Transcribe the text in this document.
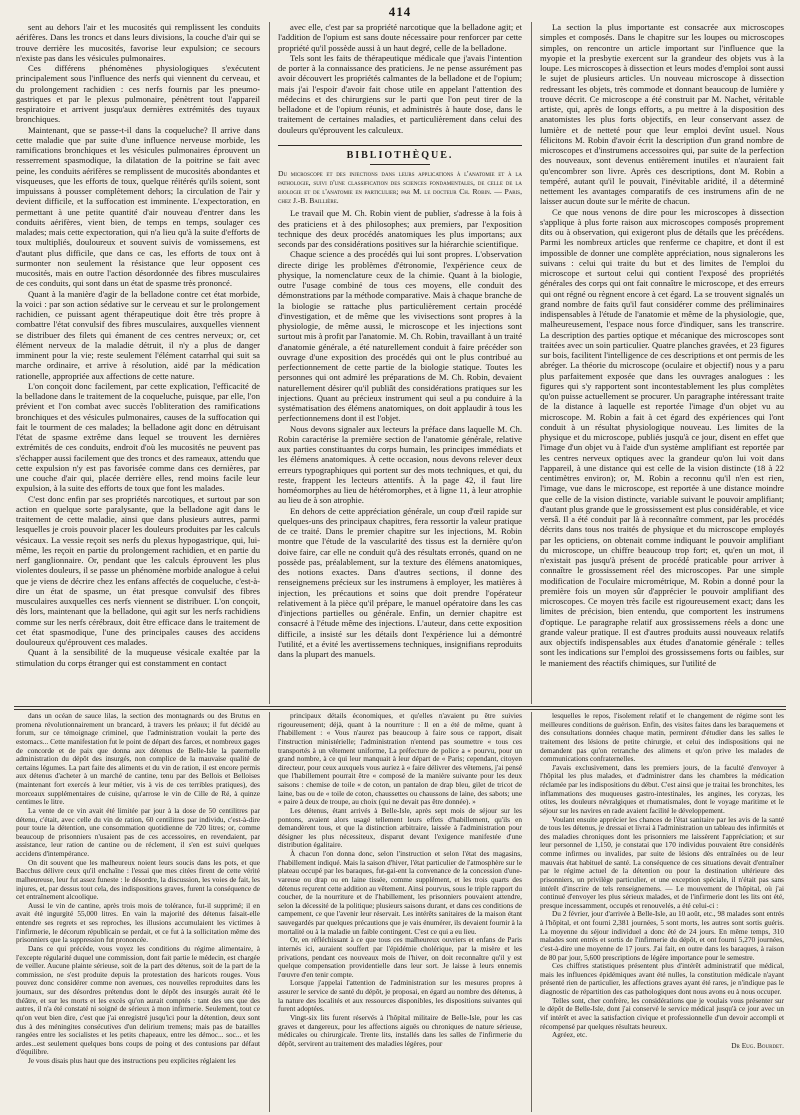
414

sent au dehors l'air et les mucosités qui remplissent les conduits aérifères. Dans les troncs et dans leurs divisions, la couche d'air qui se trouve derrière les mucosités, favorise leur expulsion; ce secours n'existe pas dans les vésicules pulmonaires.

Ces différens phénomènes physiologiques s'exécutent principalement sous l'influence des nerfs qui viennent du cerveau, et du prolongement rachidien : ces nerfs fournis par les pneumo-gastriques et par le plexus pulmonaire, pénètrent tout l'appareil respiratoire et arrivent jusqu'aux dernières extrémités des tuyaux bronchiques.

Maintenant, que se passe-t-il dans la coqueluche? Il arrive dans cette maladie que par suite d'une influence nerveuse morbide, les ramifications bronchiques et les vésicules pulmonaires éprouvent un resserrement spasmodique, la dilatation de la poitrine se fait avec peine, les conduits aérifères se remplissent de mucosités abondantes et visqueuses, que les efforts de toux, quelque réitérés qu'ils soient, sont impuissans à pousser complètement dehors; la circulation de l'air y devient difficile, et la suffocation est imminente. L'expectoration, en permettant à une petite quantité d'air nouveau d'entrer dans les conduits aérifères, vient bien, de temps en temps, soulager ces malades; mais cette expectoration, qui n'a lieu qu'à la suite d'efforts de toux multipliés, douloureux et souvent suivis de vomissemens, est d'autant plus difficile, que dans ce cas, les efforts de toux ont à surmonter non seulement la résistance que leur opposent ces mucosités, mais en outre l'action désordonnée des fibres musculaires de ces conduits, qui sont dans un état de spasme très prononcé.

Quant à la manière d'agir de la belladone contre cet état morbide, la voici : par son action sédative sur le cerveau et sur le prolongement rachidien, ce puissant agent thérapeutique doit être très propre à combattre l'état convulsif des fibres musculaires, auxquelles viennent se distribuer des filets qui émanent de ces centres nerveux; or, cet élément nerveux de la maladie détruit, il n'y a plus de danger imminent pour la vie; reste seulement l'élément catarrhal qui suit sa marche ordinaire, et arrive à résolution, aidé par la médication rationelle, appropriée aux affections de cette nature.

L'on conçoit donc facilement, par cette explication, l'efficacité de la belladone dans le traitement de la coqueluche, puisque, par elle, l'on prévient et l'on combat avec succès l'obliteration des ramifications bronchiques et des vésicules pulmonaires, causes de la suffocation qui fait le tourment de ces malades; la belladone agit donc en détruisant l'état de spasme extrême dans lequel se trouvent les dernières extrémités de ces conduits, endroit d'où les mucosités ne peuvent pas s'échapper aussi facilement que des troncs et des rameaux, attendu que cette expulsion n'y est pas favorisée comme dans ces dernières, par une couche d'air qui, placée derrière elles, rend moins facile leur expulsion, à la suite des efforts de toux que font les malades.

C'est donc enfin par ses propriétés narcotiques, et surtout par son action en quelque sorte paralysante, que la belladone agit dans le traitement de cette maladie, ainsi que dans plusieurs autres, parmi lesquelles je crois pouvoir placer les douleurs produites par les calculs vésicaux. La vessie reçoit ses nerfs du plexus hypogastrique, qui, lui-même, les reçoit en partie du prolongement rachidien, et en partie du nerf ganglionnaire. Or, pendant que les calculs éprouvent les plus violentes douleurs, il se passe un phénomène morbide analogue à celui que je viens de décrire chez les enfans affectés de coqueluche, c'est-à-dire un état de spasme, un état presque convulsif des fibres musculaires auxquelles ces nerfs viennent se distribuer. L'on conçoit, dès lors, maintenant que la belladone, qui agit sur les nerfs rachidiens comme sur les nerfs cérébraux, doit être efficace dans le traitement de cet état spasmodique, l'une des principales causes des accidens douloureux qu'éprouvent ces malades.

Quant à la sensibilité de la muqueuse vésicale exaltée par la stimulation du corps étranger qui est constamment en contact

avec elle, c'est par sa propriété narcotique que la belladone agit; et l'addition de l'opium est sans doute nécessaire pour renforcer par cette propriété qu'il possède aussi à un haut degré, celle de la belladone.

Tels sont les faits de thérapeutique médicale que j'avais l'intention de porter à la connaissance des praticiens. Je ne pense assurément pas avoir découvert les propriétés calmantes de la belladone et de l'opium; mais j'ai l'espoir d'avoir fait chose utile en appelant l'attention des médecins et des chirurgiens sur le parti que l'on peut tirer de la belladone et de l'opium réunis, et administrés à haute dose, dans le traitement de certaines maladies, et particulièrement dans celui des douleurs qu'éprouvent les calculeux.

BIBLIOTHÈQUE.

Du microscope et des injections dans leurs applications à l'anatomie et à la pathologie, suivi d'une classification des sciences fondamentales, de celle de la biologie et de l'anatomie en particulier; par M. le docteur Ch. Robin. — Paris, chez J.-B. Baillière.

Le travail que M. Ch. Robin vient de publier, s'adresse à la fois à des praticiens et à des philosophes; aux premiers, par l'exposition technique des deux procédés anatomiques les plus importans; aux seconds par des considérations positives sur la hiérarchie scientifique.

Chaque science a des procédés qui lui sont propres. L'observation directe dirige les problèmes d'étronomie, l'expérience ceux de physique, la nomenclature ceux de la chimie. Quant à la biologie, outre l'usage combiné de tous ces moyens, elle conduit des démonstrations par la méthode comparative. Mais à chaque branche de la biologie se rattache plus particulièrement certain procédé d'investigation, et de même que les vivisections sont propres à la physiologie, de même aussi, le microscope et les injections sont surtout mis à profit par l'anatomie. M. Ch. Robin, travaillant à un traité d'anatomie générale, a été naturellement conduit à faire précéder son ouvrage d'une exposition des procédés qui ont le plus contribué au perfectionnement de cette partie de la biologie statique. Toutes les personnes qui ont admiré les préparations de M. Ch. Robin, devaient naturellement désirer qu'il publiât des considérations pratiques sur les injections. Quant au précieux instrument qui seul a pu conduire à la systématisation des élémens anatomiques, on doit applaudir à tous les perfectionnemens dont il est l'objet.

Nous devons signaler aux lecteurs la préface dans laquelle M. Ch. Robin caractérise la première section de l'anatomie générale, relative aux parties constituantes du corps humain, les principes immédiats et les élémens anatomiques. À cette occasion, nous devons relever deux erreurs typographiques qui portent sur des mots techniques, et qui, du reste, frappent les lecteurs attentifs. À la page 42, il faut lire homéomorphes au lieu de hétéromorphes, et à ligne 11, à leur atrophie au lieu de à son atrophie.

En dehors de cette appréciation générale, un coup d'œil rapide sur quelques-uns des principaux chapitres, fera ressortir la valeur pratique de ce traité. Dans le premier chapitre sur les injections, M. Robin montre que l'étude de la vascularité des tissus est la dernière qu'on doive faire, car elle ne conduit qu'à des résultats erronés, quand on ne possède pas, préalablement, sur la texture des élémens anatomiques, des notions exactes. Dans d'autres sections, il donne des renseignemens précieux sur les instrumens à employer, les matières à injection, les précautions et soins que doit prendre l'opérateur relativement à la pièce qu'il prépare, le manuel opératoire dans les cas d'injections partielles ou générale. Enfin, un dernier chapitre est consacré à l'étude même des injections. L'auteur, dans cette exposition difficile, a insisté sur les détails dont l'expérience lui a démontré l'utilité, et a évité les avertissemens techniques, insignifians reproduits dans la plupart des manuels.

La section la plus importante est consacrée aux microscopes simples et composés. Dans le chapitre sur les loupes ou microscopes simples, on rencontre un article important sur l'influence que la myopie et la presbytie exercent sur la grandeur des objets vus à la loupe. Les microscopes à dissection et leurs modes d'emploi sont aussi le sujet de plusieurs articles. Un nouveau microscope à dissection redressant les objets, très commode et donnant beaucoup de lumière y trouve décrit. Ce microscope a été construit par M. Nachet, véritable artiste, qui, après de longs efforts, a pu mettre à la disposition des anatomistes les plus forts objectifs, en leur conservant assez de lumière et de netteté pour que leur emploi devînt usuel. Nous félicitons M. Robin d'avoir écrit la description d'un grand nombre de microscopes et d'instrumens accessoires qui, par suite de la perfection des nouveaux, sont devenus entièrement inutiles et n'auraient fait qu'encombrer son livre. Après ces descriptions, dont M. Robin a tempéré, autant qu'il le pouvait, l'inévitable aridité, il a déterminé nettement les avantages comparatifs de ces instrumens afin de ne laisser aucun doute sur le mérite de chacun.

Ce que nous venons de dire pour les microscopes à dissection s'applique à plus forte raison aux microscopes composés proprement dits ou à observation, qui exigeront plus de détails que les précédens. Parmi les nombreux articles que renferme ce chapitre, et dont il est impossible de donner une complète appréciation, nous signalerons les suivans : celui qui traite du but et des limites de l'emploi du microscope et surtout celui qui contient l'exposé des propriétés générales des corps qui ont fait connaître le microscope, et des erreurs qui ont régné ou règnent encore à cet égard. La se trouvent signalés un grand nombre de faits qu'il faut considérer comme des préliminaires indispensables à l'étude de l'anatomie et même de la physiologie, que, malheureusement, l'espace nous force d'indiquer, sans les transcrire. La description des parties optique et mécanique des microscopes sont traitées avec un soin particulier. Quatre planches gravées, et 23 figures sur bois, facilitent l'intelligence de ces descriptions et ont permis de les abréger. La théorie du microscope (oculaire et objectif) nous y a paru plus parfaitement exposée que dans les ouvrages analogues : les figures qui s'y rapportent sont incontestablement les plus complètes qu'on puisse actuellement se procurer. Un paragraphe intéressant traite de la distance à laquelle est reportée l'image d'un objet vu au microscope. M. Robin a fait à cet égard des expériences qui l'ont conduit à un résultat physiologique nouveau. Les limites de la physique et du microscope, publiés jusqu'à ce jour, disent en effet que l'image d'un objet vu à l'aide d'un système amplifiant est reportée par les centres nerveux optiques avec la grandeur qu'on lui voit dans l'appareil, à une distance qui est celle de la vision distincte (18 à 22 centimètres environ); or, M. Robin a reconnu qu'il n'en est rien, l'image, vue dans le microscope, est reportée à une distance moindre que celle de la vision distincte, variable suivant le pouvoir amplifiant; d'autant plus grande que le grossissement est plus considérable, et vice versâ. Il a été conduit par là à reconnaître comment, par les procédés décrits dans tous nos traités de physique et du microscope employés par les opticiens, on obtenait comme indiquant le pouvoir amplifiant du microscope, un chiffre beaucoup trop fort; et, qu'en un mot, il n'existait pas jusqu'à présent de procédé praticable pour arriver à connaître le grossissement réel des microscopes. Par une simple modification de l'oculaire micrométrique, M. Robin a donné pour la première fois un moyen sûr d'apprécier le pouvoir amplifiant des microscopes. Ce moyen très facile est rigoureusement exact; dans les limites de précision, bien entendu, que comportent les instrumens d'optique. Le paragraphe relatif aux grossissemens réels a donc une grande valeur pratique. Il est d'autres produits aussi nouveaux relatifs aux objectifs indispensables aux études d'anatomie générale : telles sont les indications sur l'emploi des grossissemens forts ou faibles, sur le maniement des réactifs chimiques, sur l'utilité de

dans un océan de sauce lilas, la section des montagnards ou des Brutus en promena révolutionnairement un brancard, à travers les préaux; il fut décidé au forum, sur ce témoignage criminel, que l'administration voulait la perte des estomacs... Cette manifestation fut le point de départ des farces, et nombreux gages de concorde et de paix que donna aux détenus de Belle-Isle la paternelle administration du dépôt des insurgés, non complice de la mauvaise qualité de certains légumes. La part faite des aliments et du vin de ration, il est encore permis aux détenus d'acheter à un marché de cantine, tenu par des Bellois et Belloises (maintenant fort exercés à leur métier, vis à vis de ces terribles pratiques), des morceaux supplémentaires de cuisine, qu'arrose le vin de Cille de Ré, à quinze centimes le litre.

La vente de ce vin avait été limitée par jour à la dose de 50 centilitres par détenu, c'était, avec celle du vin de ration, 60 centilitres par individu, c'est-à-dire pour toute la détention, une consommation quotidienne de 720 litres; or, comme beaucoup de prisonniers n'usaient pas de ces accessoires, en revendaient, par assistance, leur ration de cantine ou de réclement, il s'en est suivi quelques accidens d'intempérance.

On dit souvent que les malheureux noient leurs soucis dans les pots, et que Bacchus délivre ceux qu'il enchaîne : l'essai que mes citées firent de cette vérité malheureuse, leur fut assez funeste : le désordre, la discussion, les voies de fait, les injures, et, par dessus tout cela, des indispositions graves, furent la conséquence de cet entraînement alcoolique.

Aussi le vin de cantine, après trois mois de tolérance, fut-il supprimé; il en avait été ingurgité 55,000 litres. En vain la majorité des détenus faisait-elle entendre ses regrets et ses reproches, les illusions accumulaient les victimes à l'infirmerie, le décorum républicain se perdait, et ce fut à la sollicitation même des prisonniers que la suppression fut prononcée.

Dans ce qui précède, vous voyez les conditions du régime alimentaire, à l'excepte régularité duquel une commission, dont fait partie le médecin, est chargée de veiller. Aucune plainte sérieuse, soit de la part des détenus, soit de la part de la commission, ne s'est produite depuis la protestation des haricots rouges. Vous pouvez donc considérer comme non avenues, ces nouvelles reproduites dans les journaux, sur des désordres prétendus dont le dépôt des insurgés aurait été le théâtre, et sur les morts et les excès qu'on aurait comptés : tant des uns que des autres, il n'a été constaté ni soigné de sérieux à mon infirmerie. Seulement, tout ce qu'on veut bien dire, c'est que j'ai enregistré jusqu'ici pour la détention, deux sont dus à des méningites consécutives d'un delirium tremens; mais pas de batailles rangées entre les socialistes et les petits chapeaux, entre les démoc... soc... et les ardes...est seulement quelques bons coups de poing et des contusions par défaut d'équilibre.

Je vous disais plus haut que des instructions peu explicites réglaient les

principaux détails économiques, et qu'elles n'avaient pu être suivies rigoureusement; déjà, quant à la nourriture : Il en a été de même, quant à l'habillement : « Vous n'aurez pas beaucoup à faire sous ce rapport, disait l'instruction ministérielle; l'administration n'entend pas soumettre « tous ces transportés à un vêtement uniforme, La préfecture de police a « pourvu, pour un grand nombre, à ce qui leur manquait à leur départ de « Paris; cependant, citoyen directeur, pour ceux auxquels vous auriez à « faire délivrer des vêtemens, j'ai pensé que l'habillement pourrait être « composé de la manière suivante pour les deux saisons : chemise de toile « de coton, un pantalon de drap bleu, gilet de tricot de laine, bas ou de « toile de coton, chaussettes ou chaussons de laine, des sabots; une « paire à deux de troupe, au choix (qui ne devait pas être donnée). »

Les détenus, étant arrivés à Belle-Isle, après sept mois de séjour sur les pontons, avaient alors usagé tellement leurs effets d'habillement, qu'ils en demandèrent tous, et que la distinction arbitraire, laissée à l'administration pour désigner les plus nécessiteux, disparut devant l'exigence manifestée d'une distribution égalitaire.

À chacun l'on donna donc, selon l'instruction et selon l'état des magasins, l'habillement indiqué. Mais la saison d'hiver, l'état particulier de l'atmosphère sur le plateau occupé par les baraques, fut-gai-ent la convenance de la concession d'une-vareuse ou drap ou en laine tissée, comme supplément, et les trois quarts des détenus reçurent cette addition au vêtement. Ainsi pourvus, sous le triple rapport du coucher, de la nourriture et de l'habillement, les prisonniers pouvaient attendre, selon la décessité de la politique; plusieurs saisons durant, et dans ces conditions de campement, ce que l'avenir leur réservait. Les intérêts sanitaires de la maison étant sauvegardés par quelques précautions que je vais énumérer, ils devaient fournir à la mortalité ou à la maladie un faible contingent. C'est ce qui a eu lieu.

Or, en réfléchissant à ce que tous ces malheureux ouvriers et enfans de Paris internés ici, auraient souffert par l'épidémie cholérique, par la misère et les privations, pendant ces nouveaux mois de l'hiver, on doit reconnaître qu'il y est quelque compensation providentielle dans leur sort. Je laisse à leurs ennemis l'œuvre d'en tenir compte.

Lorsque j'appelai l'attention de l'administration sur les mesures propres à assurer le service de santé du dépôt, je proposai, en égard au nombre des détenus, à la nature des localités et aux ressources disponibles, les dispositions suivantes qui furent adoptées.

Vingt-six lits furent réservés à l'hôpital militaire de Belle-Isle, pour les cas graves et dangereux, pour les affections aiguës ou chroniques de nature sérieuse, médicales ou chirurgicale. Trente lits, installés dans les salles de l'infirmerie du dépôt, servirent au traitement des maladies légères, pour

lesquelles le repos, l'isolement relatif et le changement de régime sont les meilleures conditions de guérison. Enfin, des visites faites dans les baraquemens et des consultations données chaque matin, permirent d'étudier dans les salles le traitement des lésions de petite chirurgie, et celui des indispositions qui ne demandent pas qu'on retranche des alimens et qu'on prive les malades de communications confraternelles.

J'avais exclusivement, dans les premiers jours, de la faculté d'envoyer à l'hôpital les plus malades, et d'administrer dans les chambres la médication réclamée par les indispositions du début. C'est ainsi que je traitai les bronchites, les inflammations des muqueuses gastro-intestinales, les angines, les coryzas, les otites, les douleurs névralgiques et rhumatismales, dont le voyage maritime et le séjour sur les navires en rade avaient facilité le développement.

Voulant ensuite apprécier les chances de l'état sanitaire par les avis de la santé de tous les détenus, je dressai et livrai à l'administration un tableau des infirmités et des maladies chroniques dont les prisonniers me laissèrent l'appréciation; et sur leur personnel de 1,150, je constatai que 170 individus pouvaient être considérés comme infirmes ou invalides, par suite de lésions dès entraînées ou de leur mauvais état habituel de santé. La conséquence de ces situations devait d'entraîner par le régime actuel de la détention ou pour la destination ultérieure des prisonniers, un privilège particulier, et une exception spéciale, il n'était pas sans intérêt d'inscrire de tels renseignemens. — Le mouvement de l'hôpital, où j'ai continué d'envoyer les plus sérieux malades, et de l'infirmerie dont les lits ont été, presque incessamment, occupés et renouvelés, a été celui-ci :

Du 2 février, jour d'arrivée à Belle-Isle, au 10 août, etc., 98 malades sont entrés à l'hôpital, et ont fourni 2,381 journées, 5 sont morts, les autres sont sortis guéris. La moyenne du séjour individuel a donc été de 24 jours. En même temps, 310 malades sont entrés et sortis de l'infirmerie du dépôt, et ont fourni 5,270 journées, c'est-à-dire une moyenne de 17 jours. J'ai fait, en outre dans les baraques, à raison de 80 par jour, 5,600 prescriptions de légère importance pour le semestre.

Ces chiffres statistiques présentent plus d'intérêt administratif que médical, mais les influences épidémiques avant été nulles, la constitution médicale n'ayant présenté rien de particulier, les affections graves ayant été rares, je n'indique pas le diagnostic de répartition des cas pathologiques dont nous avons eu à nous occuper.

Telles sont, cher confrère, les considérations que je voulais vous présenter sur le dépôt de Belle-Isle, dont j'ai conservé le service médical jusqu'à ce jour avec un vif intérêt et avec la satisfaction civique et professionnelle d'un devoir accompli et récompensé par quelques résultats heureux.

Agréez, etc.

Dr Eug. Bourdet.
